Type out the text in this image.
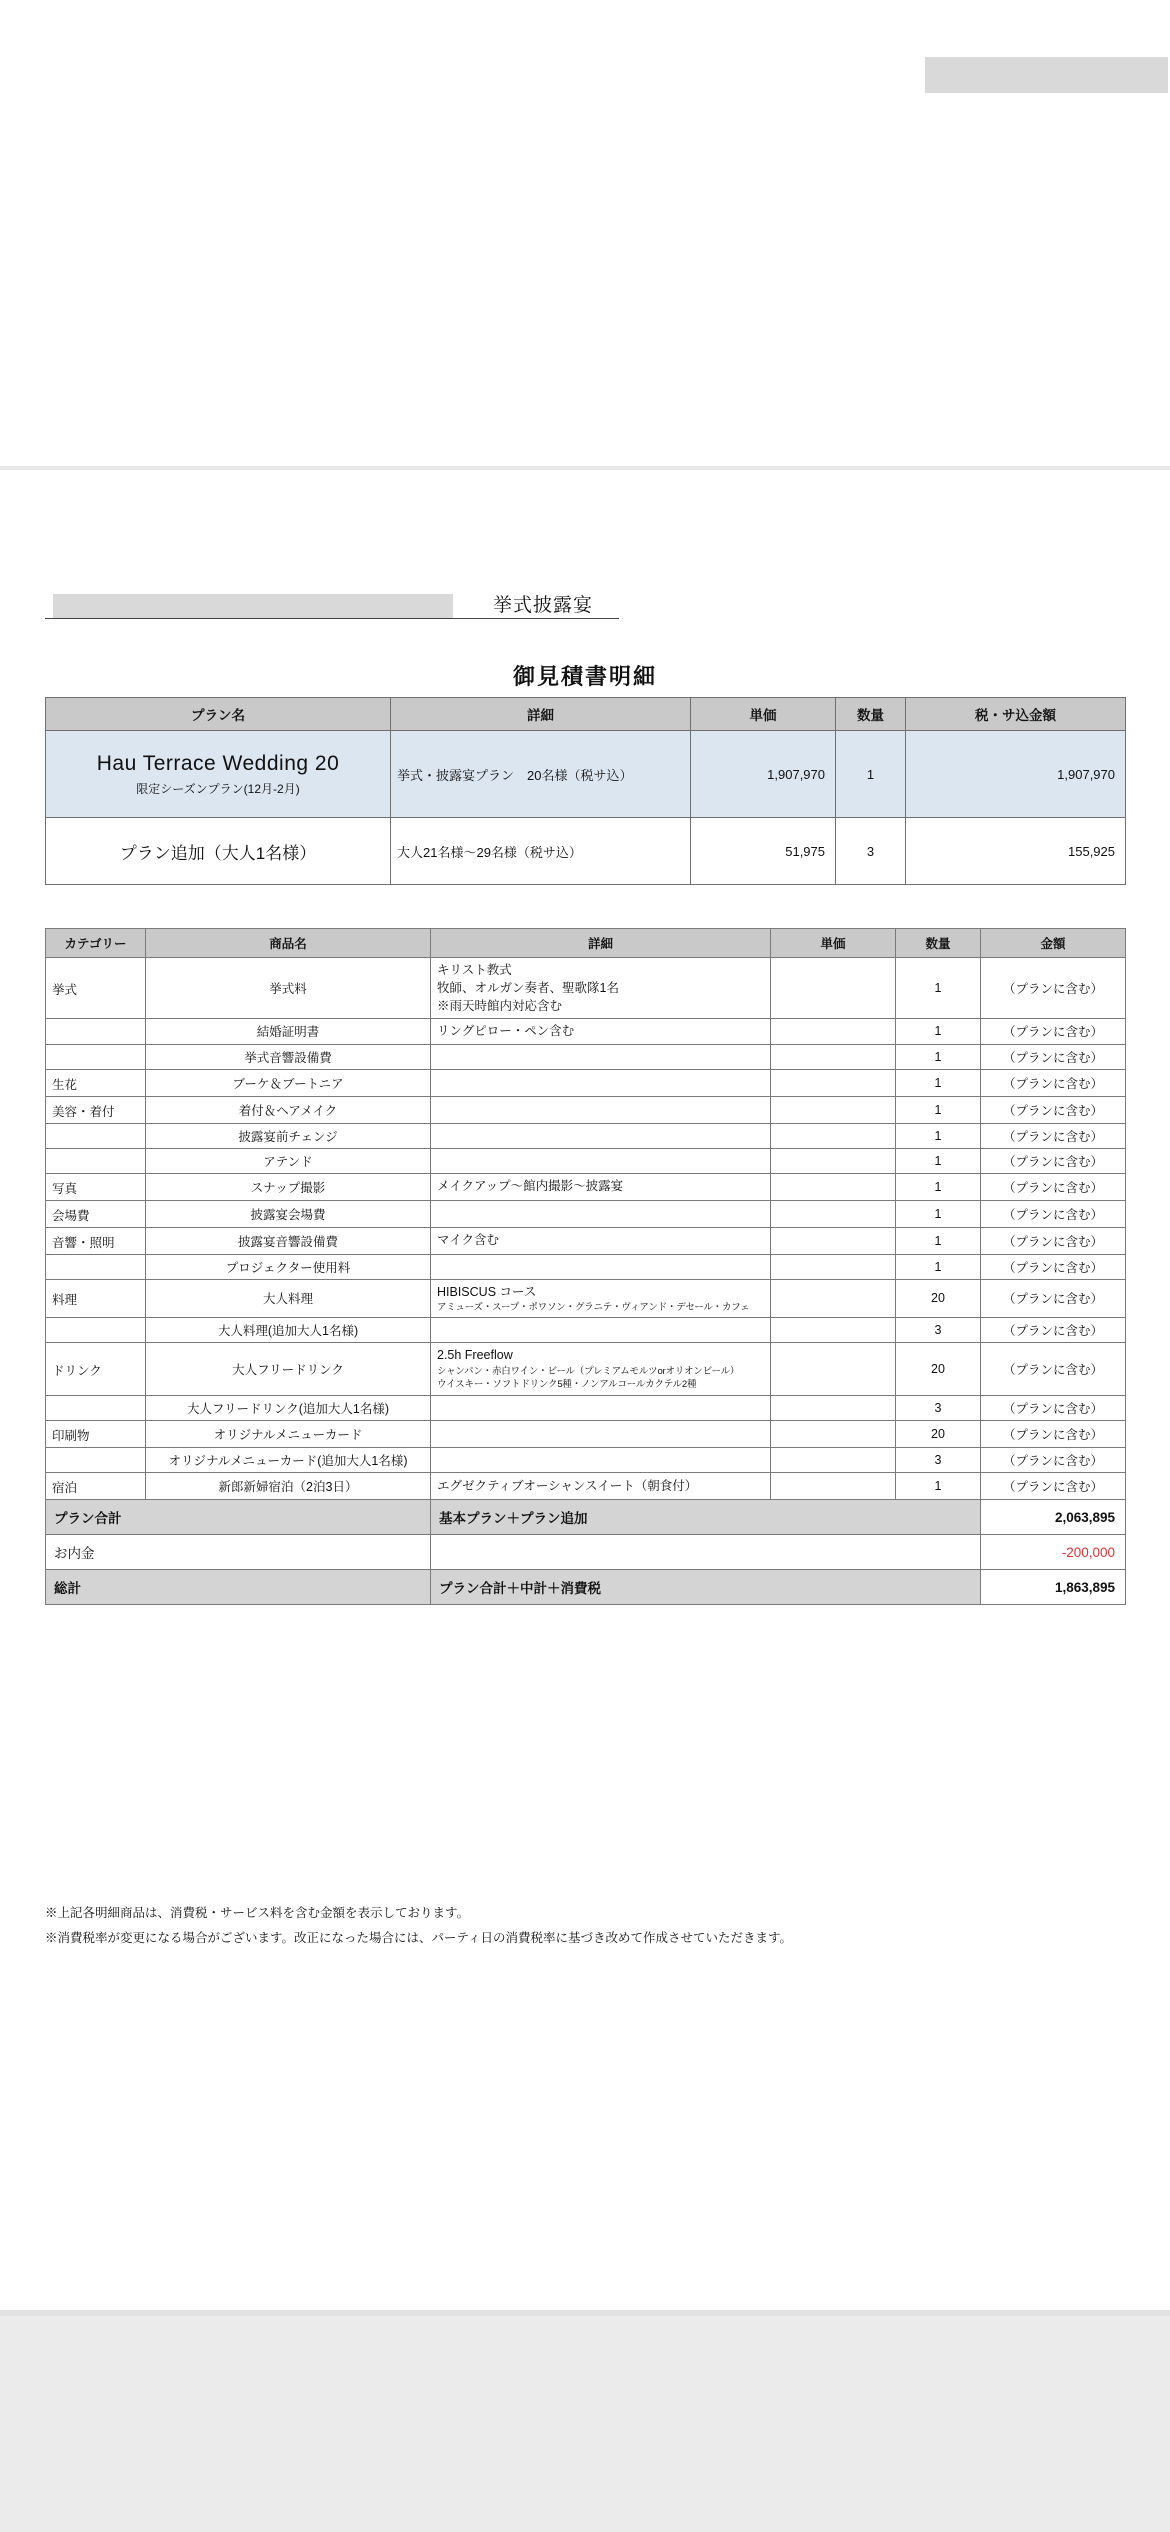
挙式披露宴
御見積書明細
プラン名	詳細	単価	数量	税・サ込金額

Hau Terrace Wedding 20
限定シーズンプラン(12月-2月)	挙式・披露宴プラン　20名様（税サ込）	1,907,970	1	1,907,970

プラン追加（大人1名様）	大人21名様～29名様（税サ込）	51,975	3	155,925
カテゴリー	商品名	詳細	単価	数量	金額
挙式	挙式料	キリスト教式
牧師、オルガン奏者、聖歌隊1名
※雨天時館内対応含む		1	（プランに含む）
	結婚証明書	リングピロー・ペン含む		1	（プランに含む）
	挙式音響設備費			1	（プランに含む）
生花	ブーケ＆ブートニア			1	（プランに含む）
美容・着付	着付＆ヘアメイク			1	（プランに含む）
	披露宴前チェンジ			1	（プランに含む）
	アテンド			1	（プランに含む）
写真	スナップ撮影	メイクアップ～館内撮影～披露宴		1	（プランに含む）
会場費	披露宴会場費			1	（プランに含む）
音響・照明	披露宴音響設備費	マイク含む		1	（プランに含む）
	プロジェクター使用料			1	（プランに含む）
料理	大人料理	HIBISCUS コース
アミューズ・スープ・ポワソン・グラニテ・ヴィアンド・デセール・カフェ		20	（プランに含む）
	大人料理(追加大人1名様)			3	（プランに含む）
ドリンク	大人フリードリンク	2.5h Freeflow
シャンパン・赤白ワイン・ビール（プレミアムモルツorオリオンビール）
ウイスキー・ソフトドリンク5種・ノンアルコールカクテル2種		20	（プランに含む）
	大人フリードリンク(追加大人1名様)			3	（プランに含む）
印刷物	オリジナルメニューカード			20	（プランに含む）
	オリジナルメニューカード(追加大人1名様)			3	（プランに含む）
宿泊	新郎新婦宿泊（2泊3日）	エグゼクティブオーシャンスイート（朝食付）		1	（プランに含む）
プラン合計		基本プラン＋プラン追加			2,063,895
お内金					-200,000
総計		プラン合計＋中計＋消費税			1,863,895
※上記各明細商品は、消費税・サービス料を含む金額を表示しております。
※消費税率が変更になる場合がございます。改正になった場合には、パーティ日の消費税率に基づき改めて作成させていただきます。
